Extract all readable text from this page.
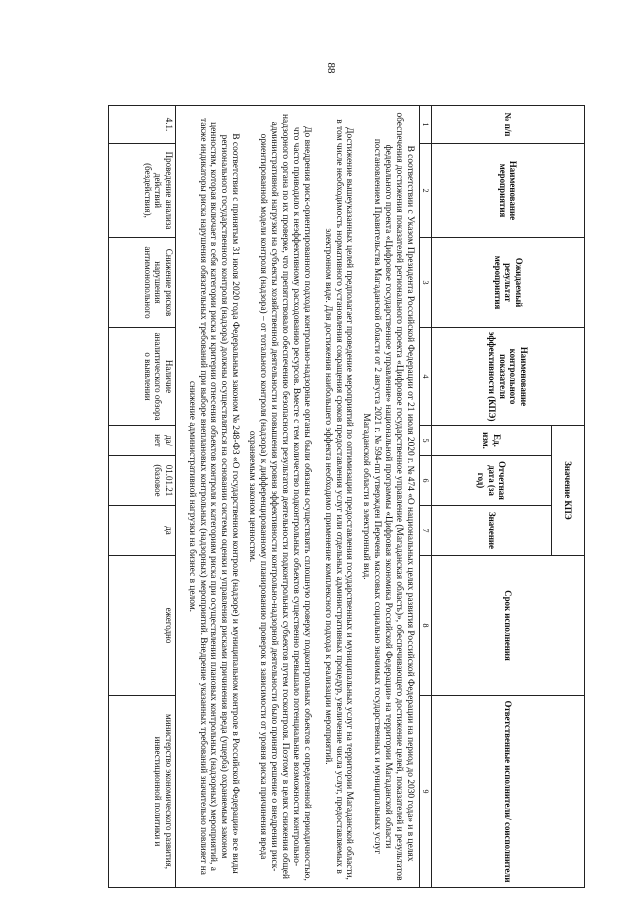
88
№ п/п	Наименование мероприятия	Ожидаемый результат мероприятия	Наименование контрольного показателя эффективности (КПЭ)	Значение КПЭ			Срок исполнения	Ответственные исполнители/ соисполнители
				Ед. изм.	Отчетная дата (за год)	Значение		
1	2	3	4	5	6	7	8	9

В соответствии с Указом Президента Российской Федерации от 21 июля 2020 г. № 474 «О национальных целях развития Российской Федерации на период до 2030 года» и в целях обеспечения достижения показателей регионального проекта «Цифровое государственное управление (Магаданская область)», обеспечивающего достижение целей, показателей и результатов федерального проекта «Цифровое государственное управление» национальной программы «Цифровая экономика Российской Федерации» на территории Магаданской области постановлением Правительства Магаданской области от 2 августа 2021 г. № 594-пп утвержден Перечень массовых социально значимых государственных и муниципальных услуг Магаданской области в электронный вид.

Достижение вышеуказанных целей предполагает проведение мероприятий по оптимизации предоставления государственных и муниципальных услуг на территории Магаданской области, в том числе необходимость нормативного установления сокращения сроков предоставления услуг или отдельных административных процедур, увеличение числа услуг, предоставляемых в электронном виде. Для достижения наибольшего эффекта необходимо применение комплексного подхода к реализации мероприятий.

До внедрения риск-ориентированного подхода контрольно-надзорные органы были обязаны осуществлять сплошную проверку подконтрольных объектов с определенной периодичностью, что часто приводило к неэффективному расходованию ресурсов. Вместе с тем количество подконтрольных объектов существенно превышало потенциальные возможности контрольно-надзорного органа по их проверке, что препятствовало обеспечению безопасности результатов деятельности подконтрольных субъектов путем госконтроля. Поэтому в целях снижения общей административной нагрузки на субъекты хозяйственной деятельности и повышения уровня эффективности контрольно-надзорной деятельности было принято решение о внедрении риск-ориентированной модели контроля (надзора) – от тотального контроля (надзора) к дифференцированному планированию проверок в зависимости от уровня риска причинения вреда охраняемым законом ценностям.

В соответствии с принятым 31 июля 2020 года Федеральным законом № 248-ФЗ «О государственном контроле (надзоре) и муниципальном контроле в Российской Федерации» все виды регионального государственного контроля (надзора) должны осуществляться на основании системы оценки и управления рисками причинения вреда (ущерба) охраняемым законом ценностям, которая включает в себя категории риска и критерии отнесения объектов контроля к категориям риска при осуществлении плановых контрольных (надзорных) мероприятий, а также индикаторы риска нарушения обязательных требований при выборе внеплановых контрольных (надзорных) мероприятий. Внедрение указанных требований значительно повлияет на снижение административной нагрузки на бизнес в целом.								

4.1.	Проведение анализа действий (бездействия),	Снижение рисков нарушения антимонопольного	Наличие аналитического обзора о выявлении	да/ нет	01.01.21 (базовое	да	ежегодно	министерство экономического развития, инвестиционной политики и
